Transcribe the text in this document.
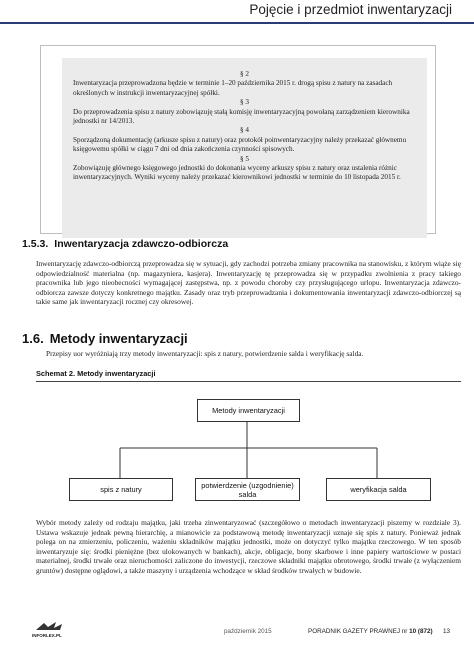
Pojęcie i przedmiot inwentaryzacji
§ 2

Inwentaryzacja przeprowadzona będzie w terminie 1–20 października 2015 r. drogą spisu z natury na zasadach określonych w instrukcji inwentaryzacyjnej spółki.

§ 3

Do przeprowadzenia spisu z natury zobowiązuję stałą komisję inwentaryzacyjną powołaną zarządzeniem kierownika jednostki nr 14/2013.

§ 4

Sporządzoną dokumentację (arkusze spisu z natury) oraz protokół poinwentaryzacyjny należy przekazać głównemu księgowemu spółki w ciągu 7 dni od dnia zakończenia czynności spisowych.

§ 5

Zobowiązuję głównego księgowego jednostki do dokonania wyceny arkuszy spisu z natury oraz ustalenia różnic inwentaryzacyjnych. Wyniki wyceny należy przekazać kierownikowi jednostki w terminie do 10 listopada 2015 r.

1.5.3. Inwentaryzacja zdawczo-odbiorcza
Inwentaryzację zdawczo-odbiorczą przeprowadza się w sytuacji, gdy zachodzi potrzeba zmiany pracownika na stanowisku, z którym wiąże się odpowiedzialność materialna (np. magazyniera, kasjera). Inwentaryzację tę przeprowadza się w przypadku zwolnienia z pracy takiego pracownika lub jego nieobecności wymagającej zastępstwa, np. z powodu choroby czy przysługującego urlopu. Inwentaryzacja zdawczo-odbiorcza zawsze dotyczy konkretnego majątku. Zasady oraz tryb przeprowadzania i dokumentowania inwentaryzacji zdawczo-odbiorczej są takie same jak inwentaryzacji rocznej czy okresowej.
1.6. Metody inwentaryzacji
Przepisy uor wyróżniają trzy metody inwentaryzacji: spis z natury, potwierdzenie salda i weryfikację salda.
Schemat 2. Metody inwentaryzacji
Metody inwentaryzacji
spis z natury	potwierdzenie (uzgodnienie) salda	weryfikacja salda
Wybór metody zależy od rodzaju majątku, jaki trzeba zinwentaryzować (szczegółowo o metodach inwentaryzacji piszemy w rozdziale 3). Ustawa wskazuje jednak pewną hierarchię, a mianowicie za podstawową metodę inwentaryzacji uznaje się spis z natury. Ponieważ jednak polega on na zmierzeniu, policzeniu, ważeniu składników majątku jednostki, może on dotyczyć tylko majątku rzeczowego. W ten sposób inwentaryzuje się: środki pieniężne (bez ulokowanych w bankach), akcje, obligacje, bony skarbowe i inne papiery wartościowe w postaci materialnej, środki trwałe oraz nieruchomości zaliczone do inwestycji, rzeczowe składniki majątku obrotowego, środki trwałe (z wyłączeniem gruntów) dostępne oglądowi, a także maszyny i urządzenia wchodzące w skład środków trwałych w budowie.
INFORLEX.PL
październik 2015	PORADNIK GAZETY PRAWNEJ nr 10 (872) 13
